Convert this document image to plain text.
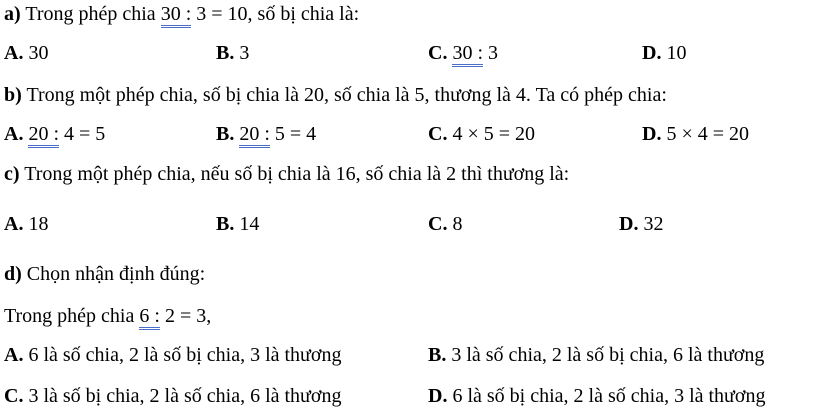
a) Trong phép chia 30 : 3 = 10, số bị chia là:
A. 30	B. 3	C. 30 : 3	D. 10
b) Trong một phép chia, số bị chia là 20, số chia là 5, thương là 4. Ta có phép chia:
A. 20 : 4 = 5	B. 20 : 5 = 4	C. 4 × 5 = 20	D. 5 × 4 = 20
c) Trong một phép chia, nếu số bị chia là 16, số chia là 2 thì thương là:
A. 18	B. 14	C. 8	D. 32
d) Chọn nhận định đúng:
Trong phép chia 6 : 2 = 3,
A. 6 là số chia, 2 là số bị chia, 3 là thương	B. 3 là số chia, 2 là số bị chia, 6 là thương
C. 3 là số bị chia, 2 là số chia, 6 là thương	D. 6 là số bị chia, 2 là số chia, 3 là thương
